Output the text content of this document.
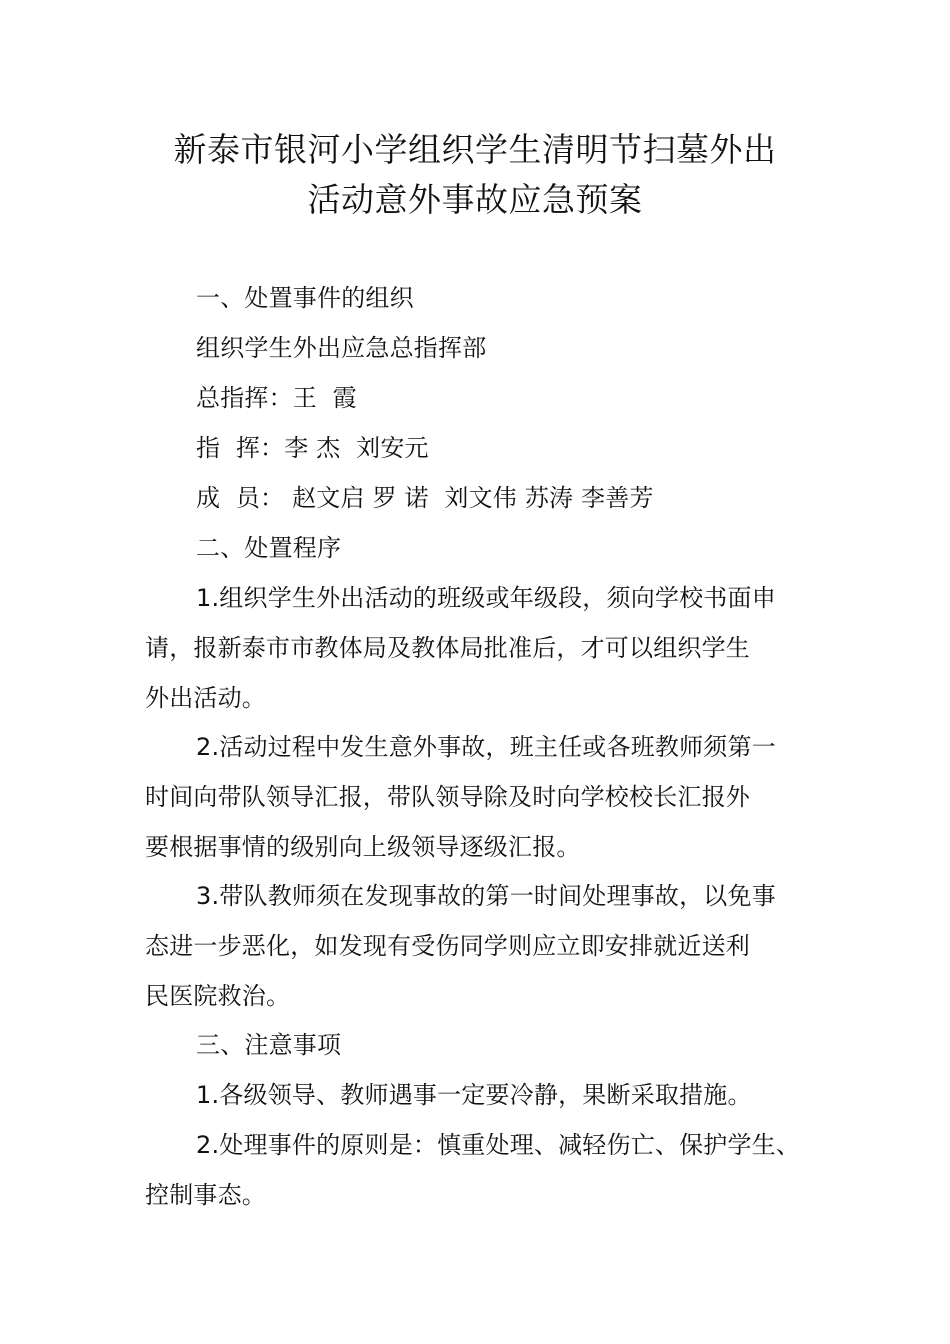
新泰市银河小学组织学生清明节扫墓外出
活动意外事故应急预案
一、处置事件的组织
组织学生外出应急总指挥部
总指挥：王  霞
指  挥：李 杰  刘安元
成  员： 赵文启 罗 诺  刘文伟 苏涛 李善芳
二、处置程序
1.组织学生外出活动的班级或年级段，须向学校书面申
请，报新泰市市教体局及教体局批准后，才可以组织学生
外出活动。
2.活动过程中发生意外事故，班主任或各班教师须第一
时间向带队领导汇报，带队领导除及时向学校校长汇报外
要根据事情的级别向上级领导逐级汇报。
3.带队教师须在发现事故的第一时间处理事故，以免事
态进一步恶化，如发现有受伤同学则应立即安排就近送利
民医院救治。
三、注意事项
1.各级领导、教师遇事一定要冷静，果断采取措施。
2.处理事件的原则是：慎重处理、减轻伤亡、保护学生、
控制事态。
